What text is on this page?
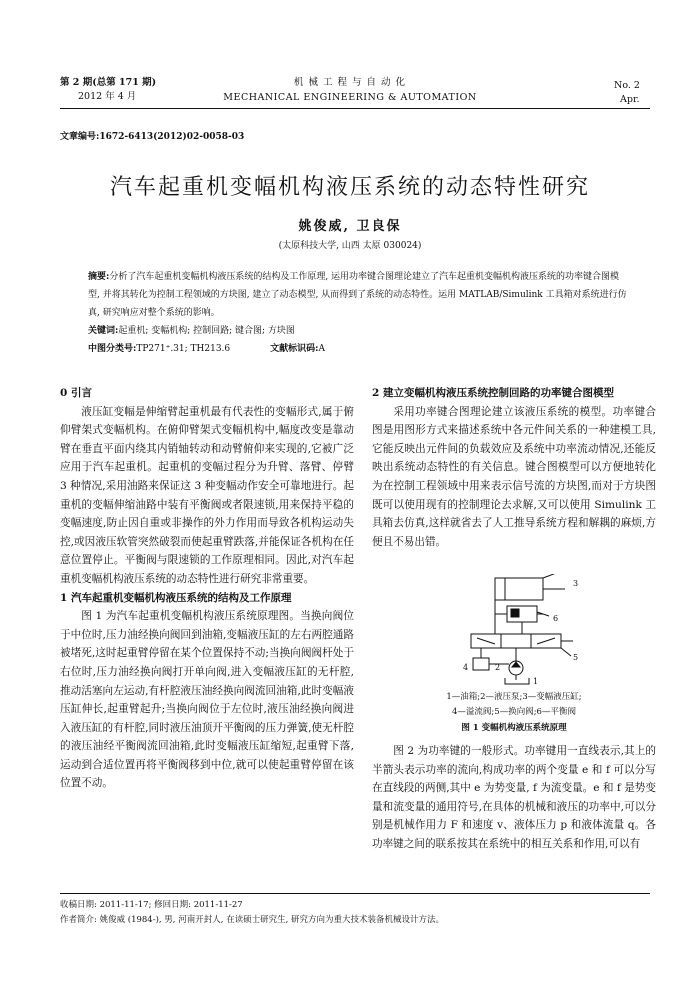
第 2 期(总第 171 期)
2012 年 4 月
机 械 工 程 与 自 动 化
MECHANICAL ENGINEERING & AUTOMATION
No. 2
Apr.
文章编号:1672-6413(2012)02-0058-03
汽车起重机变幅机构液压系统的动态特性研究
姚俊威, 卫良保
(太原科技大学, 山西 太原 030024)
摘要:分析了汽车起重机变幅机构液压系统的结构及工作原理, 运用功率键合图理论建立了汽车起重机变幅机构液压系统的功率键合图模型, 并将其转化为控制工程领域的方块图, 建立了动态模型, 从而得到了系统的动态特性。运用 MATLAB/Simulink 工具箱对系统进行仿真, 研究响应对整个系统的影响。
关键词:起重机; 变幅机构; 控制回路; 键合图; 方块图
中图分类号:TP271⁺.31; TH213.6	文献标识码:A

0 引言

液压缸变幅是伸缩臂起重机最有代表性的变幅形式,属于俯仰臂架式变幅机构。在俯仰臂架式变幅机构中,幅度改变是靠动臂在垂直平面内绕其内销轴转动和动臂俯仰来实现的,它被广泛应用于汽车起重机。起重机的变幅过程分为升臂、落臂、停臂 3 种情况,采用油路来保证这 3 种变幅动作安全可靠地进行。起重机的变幅伸缩油路中装有平衡阀或者限速锁,用来保持平稳的变幅速度,防止因自重或非操作的外力作用而导致各机构运动失控,或因液压软管突然破裂而使起重臂跌落,并能保证各机构在任意位置停止。平衡阀与限速锁的工作原理相同。因此,对汽车起重机变幅机构液压系统的动态特性进行研究非常重要。

1 汽车起重机变幅机构液压系统的结构及工作原理

图 1 为汽车起重机变幅机构液压系统原理图。当换向阀位于中位时,压力油经换向阀回到油箱,变幅液压缸的左右两腔通路被堵死,这时起重臂停留在某个位置保持不动;当换向阀阀杆处于右位时,压力油经换向阀打开单向阀,进入变幅液压缸的无杆腔,推动活塞向左运动,有杆腔液压油经换向阀流回油箱,此时变幅液压缸伸长,起重臂起升;当换向阀位于左位时,液压油经换向阀进入液压缸的有杆腔,同时液压油顶开平衡阀的压力弹簧,使无杆腔的液压油经平衡阀流回油箱,此时变幅液压缸缩短,起重臂下落,运动到合适位置再将平衡阀移到中位,就可以使起重臂停留在该位置不动。

2 建立变幅机构液压系统控制回路的功率键合图模型

采用功率键合图理论建立该液压系统的模型。功率键合图是用图形方式来描述系统中各元件间关系的一种建模工具,它能反映出元件间的负载效应及系统中功率流动情况,还能反映出系统动态特性的有关信息。键合图模型可以方便地转化为在控制工程领域中用来表示信号流的方块图,而对于方块图既可以使用现有的控制理论去求解,又可以使用 Simulink 工具箱去仿真,这样就省去了人工推导系统方程和解耦的麻烦,方便且不易出错。

3
6
5
4	2
1
1—油箱;2—液压泵;3—变幅液压缸;
4—溢流阀;5—换向阀;6—平衡阀
图 1 变幅机构液压系统原理

图 2 为功率键的一般形式。功率键用一直线表示,其上的半箭头表示功率的流向,构成功率的两个变量 e 和 f 可以分写在直线段的两侧,其中 e 为势变量, f 为流变量。e 和 f 是势变量和流变量的通用符号,在具体的机械和液压的功率中,可以分别是机械作用力 F 和速度 v、液体压力 p 和液体流量 q。各功率键之间的联系按其在系统中的相互关系和作用,可以有

收稿日期: 2011-11-17; 修回日期: 2011-11-27
作者简介: 姚俊威 (1984-), 男, 河南开封人, 在读硕士研究生, 研究方向为重大技术装备机械设计方法。
